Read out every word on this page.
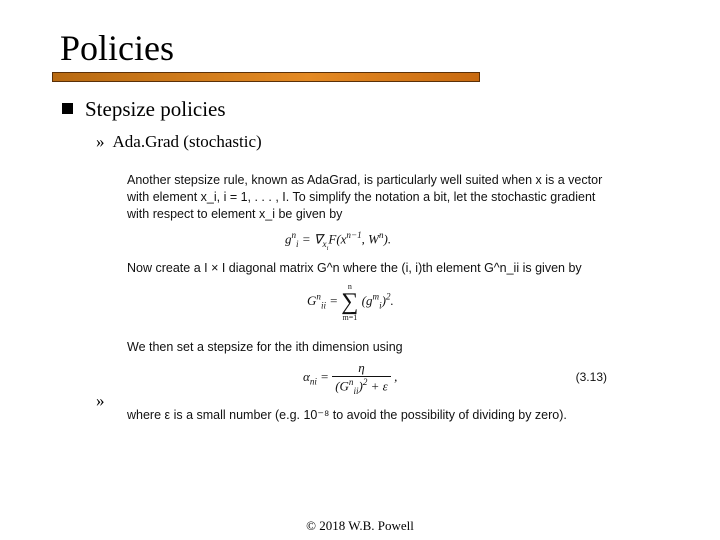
Policies
Stepsize policies
» Ada.Grad (stochastic)
»
Another stepsize rule, known as AdaGrad, is particularly well suited when x is a vector
with element x_i, i = 1, . . . , I. To simplify the notation a bit, let the stochastic gradient
with respect to element x_i be given by
$g^n_i = \nabla_{x_i}F(x^{n-1}$, $W^n$).
Now create a I × I diagonal matrix G^n where the (i, i)th element G^n_ii is given by
$G^n_{ii}$ =
n
∑
m=1
$(g^m_i)^2$.
We then set a stepsize for the ith dimension using
$\alpha_{ni} = \frac{\eta}{(G^n_{ii})^2 + \varepsilon}$ ,	(3.13)
where ε is a small number (e.g. 10⁻⁸ to avoid the possibility of dividing by zero).
© 2018 W.B. Powell
